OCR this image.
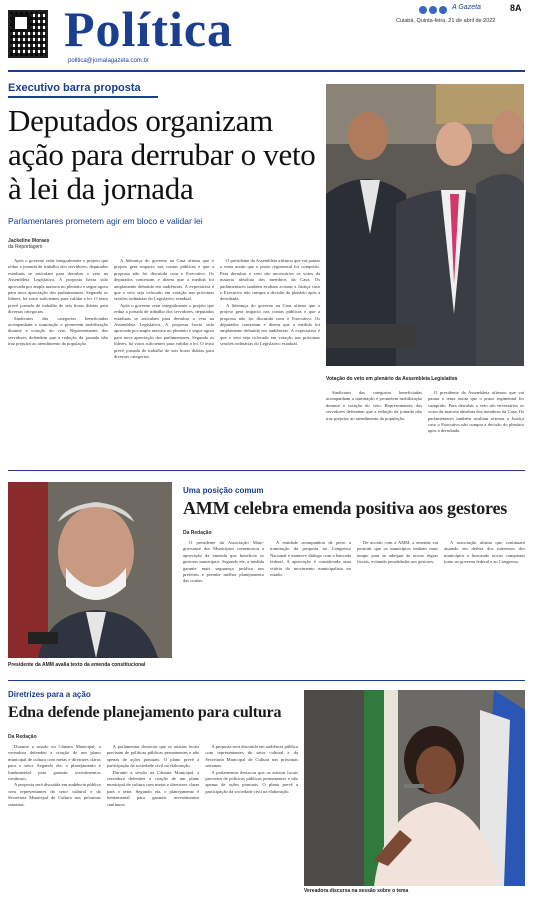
Política
politica@jornalagazeta.com.br
A Gazeta	8A
Cuiabá, Quinta-feira, 21 de abril de 2022
Executivo barra proposta
Deputados organizam ação para derrubar o veto à lei da jornada
Parlamentares prometem agir em bloco e validar lei
Jackeline Moraes
da Reportagem

Após o governo vetar integralmente o projeto que reduz a jornada de trabalho dos servidores, deputados estaduais se articulam para derrubar o veto na Assembleia Legislativa. A proposta havia sido aprovada por ampla maioria no plenário e segue agora para nova apreciação dos parlamentares. Segundo os líderes, há votos suficientes para validar a lei. O texto prevê jornada de trabalho de seis horas diárias para diversas categorias.

Sindicatos das categorias beneficiadas acompanham a tramitação e prometem mobilização durante a votação do veto. Representantes dos servidores defendem que a redução da jornada não traz prejuízo ao atendimento da população.

A liderança do governo na Casa afirma que o projeto gera impacto nas contas públicas e que a proposta não foi discutida com o Executivo. Os deputados contestam e dizem que a medida foi amplamente debatida em audiências. A expectativa é que o veto seja colocado em votação nas próximas sessões ordinárias do Legislativo estadual.

Após o governo vetar integralmente o projeto que reduz a jornada de trabalho dos servidores, deputados estaduais se articulam para derrubar o veto na Assembleia Legislativa. A proposta havia sido aprovada por ampla maioria no plenário e segue agora para nova apreciação dos parlamentares. Segundo os líderes, há votos suficientes para validar a lei. O texto prevê jornada de trabalho de seis horas diárias para diversas categorias.

O presidente da Assembleia afirmou que vai pautar o tema assim que o prazo regimental for cumprido. Para derrubar o veto são necessários os votos da maioria absoluta dos membros da Casa. Os parlamentares também avaliam acionar a Justiça caso o Executivo não cumpra a decisão do plenário após a derrubada.

A liderança do governo na Casa afirma que o projeto gera impacto nas contas públicas e que a proposta não foi discutida com o Executivo. Os deputados contestam e dizem que a medida foi amplamente debatida em audiências. A expectativa é que o veto seja colocado em votação nas próximas sessões ordinárias do Legislativo estadual.

Votação do veto em plenário da Assembleia Legislativa

Sindicatos das categorias beneficiadas acompanham a tramitação e prometem mobilização durante a votação do veto. Representantes dos servidores defendem que a redução da jornada não traz prejuízo ao atendimento da população.

O presidente da Assembleia afirmou que vai pautar o tema assim que o prazo regimental for cumprido. Para derrubar o veto são necessários os votos da maioria absoluta dos membros da Casa. Os parlamentares também avaliam acionar a Justiça caso o Executivo não cumpra a decisão do plenário após a derrubada.

Presidente da AMM avalia texto da emenda constitucional
Uma posição comum
AMM celebra emenda positiva aos gestores
Da Redação

O presidente da Associação Mato-grossense dos Municípios comemorou a aprovação da emenda que beneficia os gestores municipais. Segundo ele, a medida garante mais segurança jurídica aos prefeitos e permite melhor planejamento das contas.

A entidade acompanhou de perto a tramitação da proposta no Congresso Nacional e manteve diálogo com a bancada federal. A aprovação é considerada uma vitória do movimento municipalista no estado.

De acordo com a AMM, a emenda vai permitir que os municípios tenham mais tempo para se adequar às novas regras fiscais, evitando penalidades aos gestores.

A associação afirma que continuará atuando em defesa dos interesses dos municípios e buscando novas conquistas junto ao governo federal e ao Congresso.

Diretrizes para a ação
Edna defende planejamento para cultura
Da Redação

Durante a sessão na Câmara Municipal, a vereadora defendeu a criação de um plano municipal de cultura com metas e diretrizes claras para o setor. Segundo ela, o planejamento é fundamental para garantir investimentos contínuos.

A proposta será discutida em audiência pública com representantes do setor cultural e da Secretaria Municipal de Cultura nas próximas semanas.

A parlamentar destacou que os artistas locais precisam de políticas públicas permanentes e não apenas de ações pontuais. O plano prevê a participação da sociedade civil na elaboração.

Durante a sessão na Câmara Municipal, a vereadora defendeu a criação de um plano municipal de cultura com metas e diretrizes claras para o setor. Segundo ela, o planejamento é fundamental para garantir investimentos contínuos.

A proposta será discutida em audiência pública com representantes do setor cultural e da Secretaria Municipal de Cultura nas próximas semanas.

A parlamentar destacou que os artistas locais precisam de políticas públicas permanentes e não apenas de ações pontuais. O plano prevê a participação da sociedade civil na elaboração.

Vereadora discursa na sessão sobre o tema
